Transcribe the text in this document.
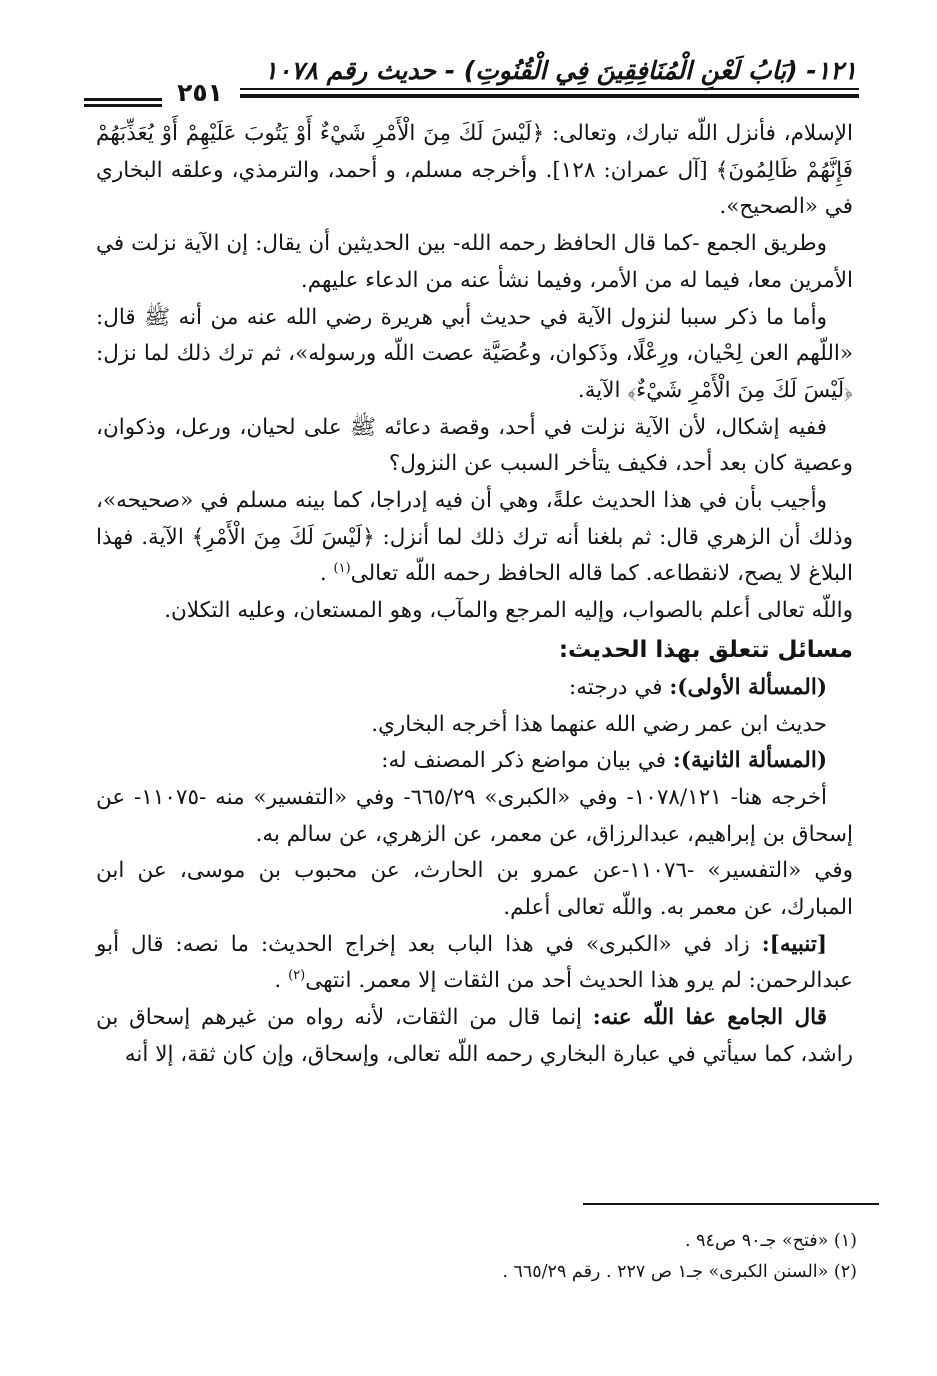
١٢١- (بَابُ لَعْنِ الْمُنَافِقِينَ فِي الْقُنُوتِ) - حديث رقم ١٠٧٨
٢٥١

الإسلام، فأنزل اللّه تبارك، وتعالى: ﴿لَيْسَ لَكَ مِنَ الْأَمْرِ شَيْءٌ أَوْ يَتُوبَ عَلَيْهِمْ أَوْ يُعَذِّبَهُمْ فَإِنَّهُمْ ظَالِمُونَ﴾ [آل عمران: ١٢٨]. وأخرجه مسلم، و أحمد، والترمذي، وعلقه البخاري في «الصحيح».

وطريق الجمع -كما قال الحافظ رحمه الله- بين الحديثين أن يقال: إن الآية نزلت في الأمرين معا، فيما له من الأمر، وفيما نشأ عنه من الدعاء عليهم.

وأما ما ذكر سببا لنزول الآية في حديث أبي هريرة رضي الله عنه من أنه ﷺ قال: «اللّهم العن لِحْيان، ورِعْلًا، وذَكوان، وعُصَيَّة عصت اللّه ورسوله»، ثم ترك ذلك لما نزل: ﴿لَيْسَ لَكَ مِنَ الْأَمْرِ شَيْءٌ﴾ الآية.

ففيه إشكال، لأن الآية نزلت في أحد، وقصة دعائه ﷺ على لحيان، ورعل، وذكوان، وعصية كان بعد أحد، فكيف يتأخر السبب عن النزول؟

وأجيب بأن في هذا الحديث علةً، وهي أن فيه إدراجا، كما بينه مسلم في «صحيحه»، وذلك أن الزهري قال: ثم بلغنا أنه ترك ذلك لما أنزل: ﴿لَيْسَ لَكَ مِنَ الْأَمْرِ﴾ الآية. فهذا البلاغ لا يصح، لانقطاعه. كما قاله الحافظ رحمه اللّه تعالى$^{(١)}$ .

واللّه تعالى أعلم بالصواب، وإليه المرجع والمآب، وهو المستعان، وعليه التكلان.

مسائل تتعلق بهذا الحديث:

(المسألة الأولى): في درجته:

حديث ابن عمر رضي الله عنهما هذا أخرجه البخاري.

(المسألة الثانية): في بيان مواضع ذكر المصنف له:

أخرجه هنا- ١٠٧٨/١٢١- وفي «الكبرى» ٦٦٥/٢٩- وفي «التفسير» منه -١١٠٧٥- عن إسحاق بن إبراهيم، عبدالرزاق، عن معمر، عن الزهري، عن سالم به.

وفي «التفسير» -١١٠٧٦-عن عمرو بن الحارث، عن محبوب بن موسى، عن ابن المبارك، عن معمر به. واللّه تعالى أعلم.

[تنبيه]: زاد في «الكبرى» في هذا الباب بعد إخراج الحديث: ما نصه: قال أبو عبدالرحمن: لم يرو هذا الحديث أحد من الثقات إلا معمر. انتهى$^{(٢)}$ .

قال الجامع عفا اللّه عنه: إنما قال من الثقات، لأنه رواه من غيرهم إسحاق بن راشد، كما سيأتي في عبارة البخاري رحمه اللّه تعالى، وإسحاق، وإن كان ثقة، إلا أنه

(١) «فتح» جـ٩٠ ص٩٤ .

(٢) «السنن الكبرى» جـ١ ص ٢٢٧ . رقم ٦٦٥/٢٩ .
